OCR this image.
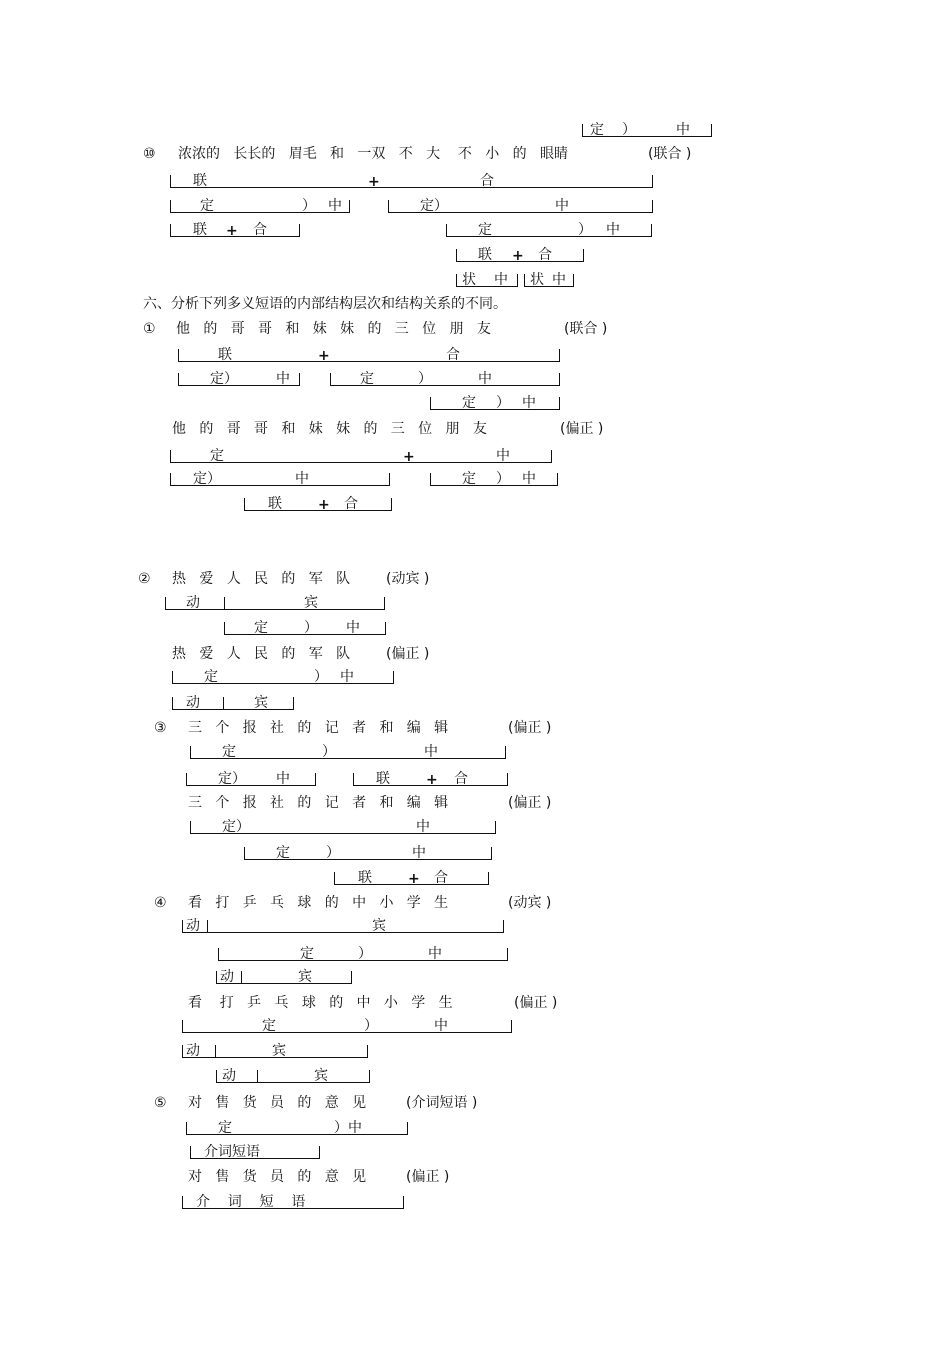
定 ）	中
⑩ 浓浓的   长长的   眉毛   和   一双   不   大    不   小   的   眼睛	(联合 )
联	+	合
定	） 中	定）	中
联 + 合	定	） 中
联 + 合
状 中 状 中
六、分析下列多义短语的内部结构层次和结构关系的不同。
① 他   的   哥   哥   和   妹   妹   的   三   位   朋   友	(联合 )
联	+	合
定）	中	定	）	中
定 ） 中
他   的   哥   哥   和   妹   妹   的   三   位   朋   友	(偏正 )
定	+	中
定）	中	定 ） 中
联	+ 合
② 热   爱   人   民   的   军   队	(动宾 )
动	宾
定	） 中
热   爱   人   民   的   军   队	(偏正 )
定	） 中
动	宾
③ 三   个   报   社   的   记   者   和   编   辑	(偏正 )
定	）	中
定） 中	联	+ 合
三   个   报   社   的   记   者   和   编   辑	(偏正 )
定）	中
定	）	中
联	+ 合
④ 看   打   乒   乓   球   的   中   小   学   生	(动宾 )
动	宾
定	）	中
动	宾
看    打   乒   乓   球   的   中   小   学   生	(偏正 )
定	）	中
动	宾
动	宾
⑤ 对   售   货   员   的   意   见	(介词短语 )
定	）中
介词短语
对   售   货   员   的   意   见	(偏正 )
介    词    短    语
